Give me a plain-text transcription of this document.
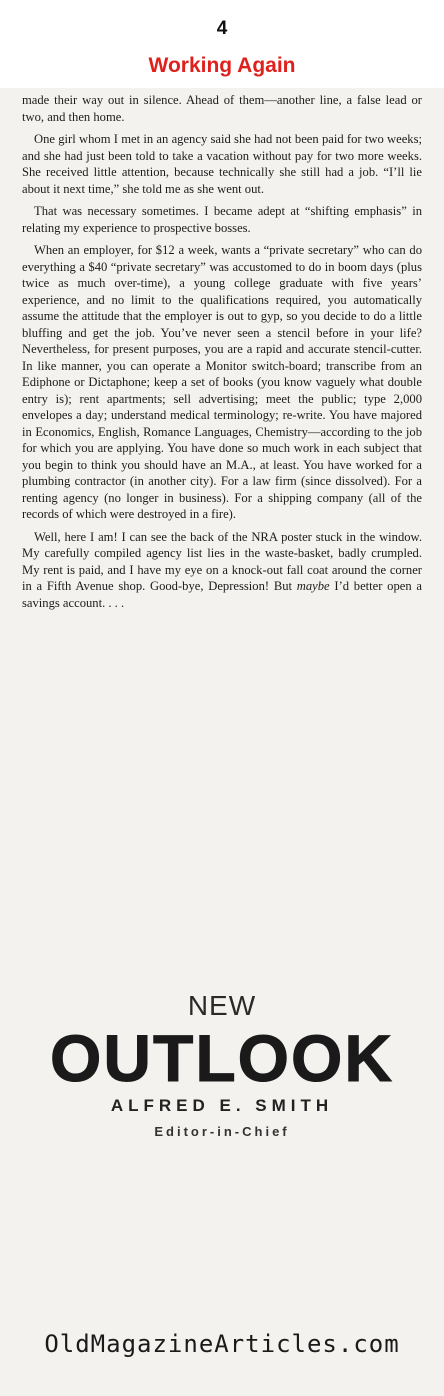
4
Working Again

made their way out in silence. Ahead of them—another line, a false lead or two, and then home.

One girl whom I met in an agency said she had not been paid for two weeks; and she had just been told to take a vacation without pay for two more weeks. She received little attention, because technically she still had a job. “I’ll lie about it next time,” she told me as she went out.

That was necessary sometimes. I became adept at “shifting emphasis” in relating my experience to prospective bosses.

When an employer, for $12 a week, wants a “private secretary” who can do everything a $40 “private secretary” was accustomed to do in boom days (plus twice as much over-time), a young college graduate with five years’ experience, and no limit to the qualifications required, you automatically assume the attitude that the employer is out to gyp, so you decide to do a little bluffing and get the job. You’ve never seen a stencil before in your life? Nevertheless, for present purposes, you are a rapid and accurate stencil-cutter. In like manner, you can operate a Monitor switch-board; transcribe from an Ediphone or Dictaphone; keep a set of books (you know vaguely what double entry is); rent apartments; sell advertising; meet the public; type 2,000 envelopes a day; understand medical terminology; re-write. You have majored in Economics, English, Romance Languages, Chemistry—according to the job for which you are applying. You have done so much work in each subject that you begin to think you should have an M.A., at least. You have worked for a plumbing contractor (in another city). For a law firm (since dissolved). For a renting agency (no longer in business). For a shipping company (all of the records of which were destroyed in a fire).

Well, here I am! I can see the back of the NRA poster stuck in the window. My carefully compiled agency list lies in the waste-basket, badly crumpled. My rent is paid, and I have my eye on a knock-out fall coat around the corner in a Fifth Avenue shop. Good-bye, Depression! But maybe I’d better open a savings account. . . .

NEW
OUTLOOK
ALFRED E. SMITH
Editor-in-Chief
OldMagazineArticles.com
